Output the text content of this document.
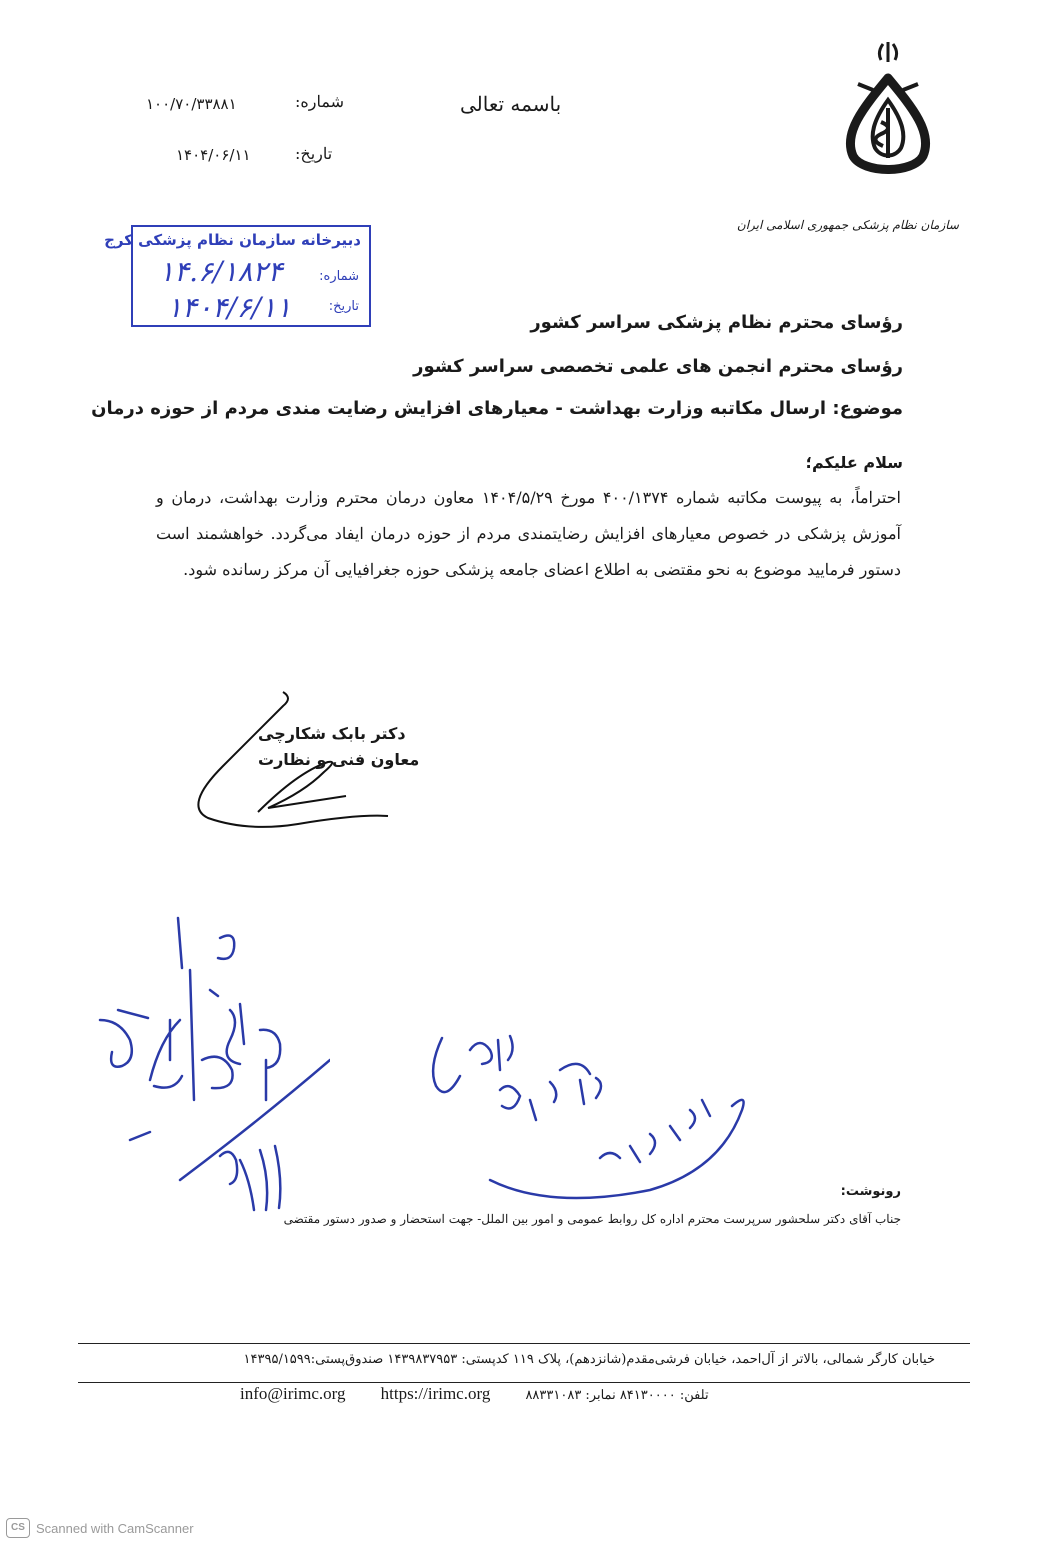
سازمان نظام پزشکی جمهوری اسلامی ایران
باسمه تعالی
شماره:
۱۰۰/۷۰/۳۳۸۸۱
تاریخ:
۱۴۰۴/۰۶/۱۱
دبیرخانه سازمان نظام پزشکی کرج
شماره:
تاریخ:
۱۴.۶/۱۸۲۴
۱۴۰۴/۶/۱۱	رؤسای محترم نظام پزشکی سراسر کشور
رؤسای محترم انجمن های علمی تخصصی سراسر کشور
موضوع: ارسال مکاتبه وزارت بهداشت - معیارهای افزایش رضایت مندی مردم از حوزه درمان
سلام علیکم؛
احتراماً، به پیوست مکاتبه شماره ۴۰۰/۱۳۷۴ مورخ ۱۴۰۴/۵/۲۹ معاون درمان محترم وزارت بهداشت، درمان و آموزش پزشکی در خصوص معیارهای افزایش رضایتمندی مردم از حوزه درمان ایفاد می‌گردد. خواهشمند است دستور فرمایید موضوع به نحو مقتضی به اطلاع اعضای جامعه پزشکی حوزه جغرافیایی آن مرکز رسانده شود.
دکتر بابک شکارچی
معاون فنی و نظارت
رونوشت:
جناب آقای دکتر سلحشور سرپرست محترم اداره کل روابط عمومی و امور بین الملل- جهت استحضار و صدور دستور مقتضی
خیابان کارگر شمالی، بالاتر از آل‌احمد، خیابان فرشی‌مقدم(شانزدهم)، پلاک ۱۱۹ کدپستی: ۱۴۳۹۸۳۷۹۵۳ صندوق‌پستی:۱۴۳۹۵/۱۵۹۹
info@irimc.org https://irimc.org	تلفن: ۸۴۱۳۰۰۰۰ نمابر: ۸۸۳۳۱۰۸۳
CS Scanned with CamScanner
